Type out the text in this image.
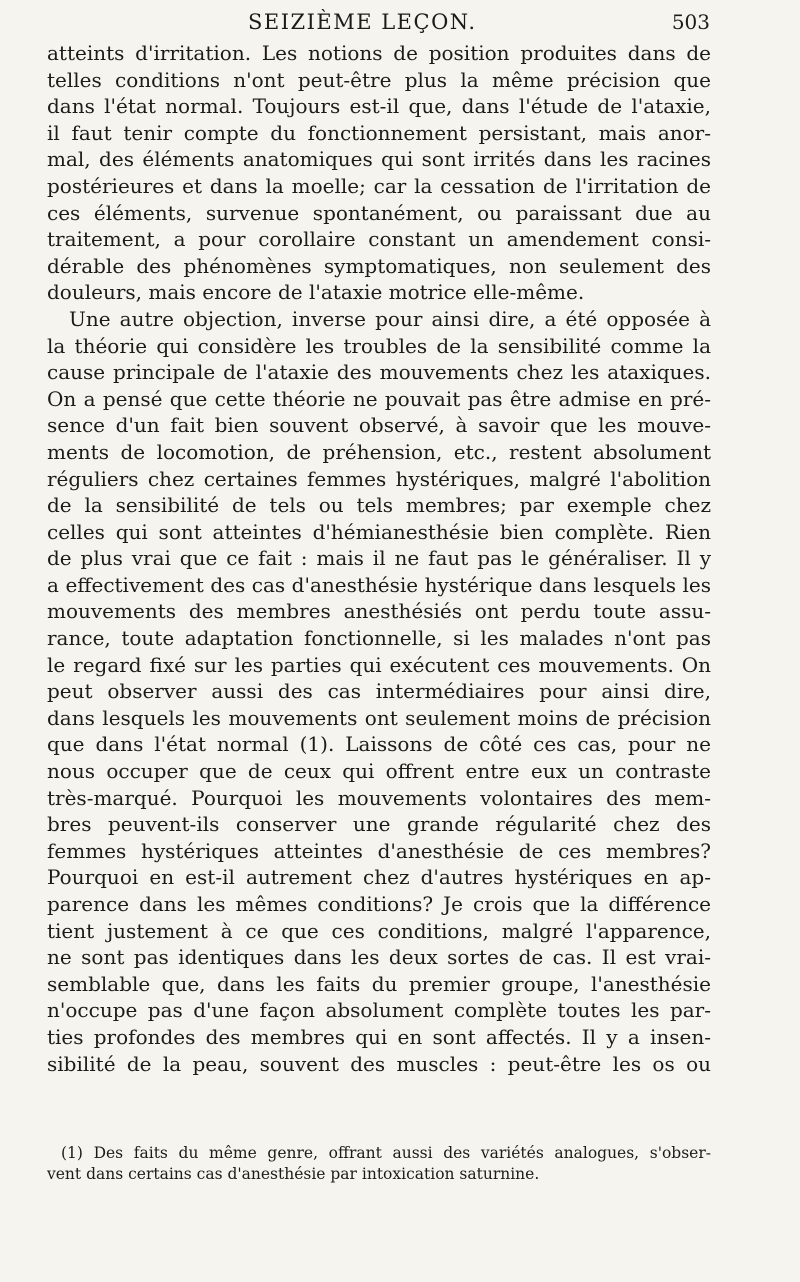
SEIZIÈME LEÇON.	503
atteints d'irritation. Les notions de position produites dans de
telles conditions n'ont peut-être plus la même précision que
dans l'état normal. Toujours est-il que, dans l'étude de l'ataxie,
il faut tenir compte du fonctionnement persistant, mais anor-
mal, des éléments anatomiques qui sont irrités dans les racines
postérieures et dans la moelle; car la cessation de l'irritation de
ces éléments, survenue spontanément, ou paraissant due au
traitement, a pour corollaire constant un amendement consi-
dérable des phénomènes symptomatiques, non seulement des
douleurs, mais encore de l'ataxie motrice elle-même.
Une autre objection, inverse pour ainsi dire, a été opposée à
la théorie qui considère les troubles de la sensibilité comme la
cause principale de l'ataxie des mouvements chez les ataxiques.
On a pensé que cette théorie ne pouvait pas être admise en pré-
sence d'un fait bien souvent observé, à savoir que les mouve-
ments de locomotion, de préhension, etc., restent absolument
réguliers chez certaines femmes hystériques, malgré l'abolition
de la sensibilité de tels ou tels membres; par exemple chez
celles qui sont atteintes d'hémianesthésie bien complète. Rien
de plus vrai que ce fait : mais il ne faut pas le généraliser. Il y
a effectivement des cas d'anesthésie hystérique dans lesquels les
mouvements des membres anesthésiés ont perdu toute assu-
rance, toute adaptation fonctionnelle, si les malades n'ont pas
le regard fixé sur les parties qui exécutent ces mouvements. On
peut observer aussi des cas intermédiaires pour ainsi dire,
dans lesquels les mouvements ont seulement moins de précision
que dans l'état normal (1). Laissons de côté ces cas, pour ne
nous occuper que de ceux qui offrent entre eux un contraste
très-marqué. Pourquoi les mouvements volontaires des mem-
bres peuvent-ils conserver une grande régularité chez des
femmes hystériques atteintes d'anesthésie de ces membres?
Pourquoi en est-il autrement chez d'autres hystériques en ap-
parence dans les mêmes conditions? Je crois que la différence
tient justement à ce que ces conditions, malgré l'apparence,
ne sont pas identiques dans les deux sortes de cas. Il est vrai-
semblable que, dans les faits du premier groupe, l'anesthésie
n'occupe pas d'une façon absolument complète toutes les par-
ties profondes des membres qui en sont affectés. Il y a insen-
sibilité de la peau, souvent des muscles : peut-être les os ou
(1) Des faits du même genre, offrant aussi des variétés analogues, s'obser-
vent dans certains cas d'anesthésie par intoxication saturnine.
